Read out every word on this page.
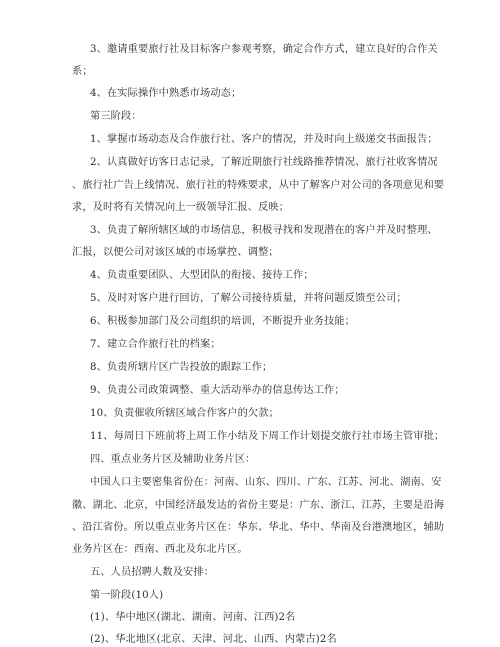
3、邀请重要旅行社及目标客户参观考察，确定合作方式，建立良好的合作关
系；
4、在实际操作中熟悉市场动态；
第三阶段：
1、掌握市场动态及合作旅行社、客户的情况，并及时向上级递交书面报告；
2、认真做好访客日志记录，了解近期旅行社线路推荐情况、旅行社收客情况
、旅行社广告上线情况、旅行社的特殊要求，从中了解客户对公司的各项意见和要
求，及时将有关情况向上一级领导汇报、反映；
3、负责了解所辖区域的市场信息，积极寻找和发现潜在的客户并及时整理、
汇报，以便公司对该区域的市场掌控、调整；
4、负责重要团队、大型团队的衔接、接待工作；
5、及时对客户进行回访，了解公司接待质量，并将问题反馈至公司；
6、积极参加部门及公司组织的培训，不断提升业务技能；
7、建立合作旅行社的档案；
8、负责所辖片区广告投放的跟踪工作；
9、负责公司政策调整、重大活动举办的信息传达工作；
10、负责催收所辖区域合作客户的欠款；
11、每周日下班前将上周工作小结及下周工作计划提交旅行社市场主管审批；
四、重点业务片区及辅助业务片区：
中国人口主要密集省份在：河南、山东、四川、广东、江苏、河北、湖南、安
徽、湖北、北京，中国经济最发达的省份主要是：广东、浙江、江苏，主要是沿海
、沿江省份。所以重点业务片区在：华东、华北、华中、华南及台港澳地区，辅助
业务片区在：西南、西北及东北片区。
五、人员招聘人数及安排：
第一阶段(10人)
(1)、华中地区(湖北、湖南、河南、江西)2名
(2)、华北地区(北京、天津、河北、山西、内蒙古)2名
